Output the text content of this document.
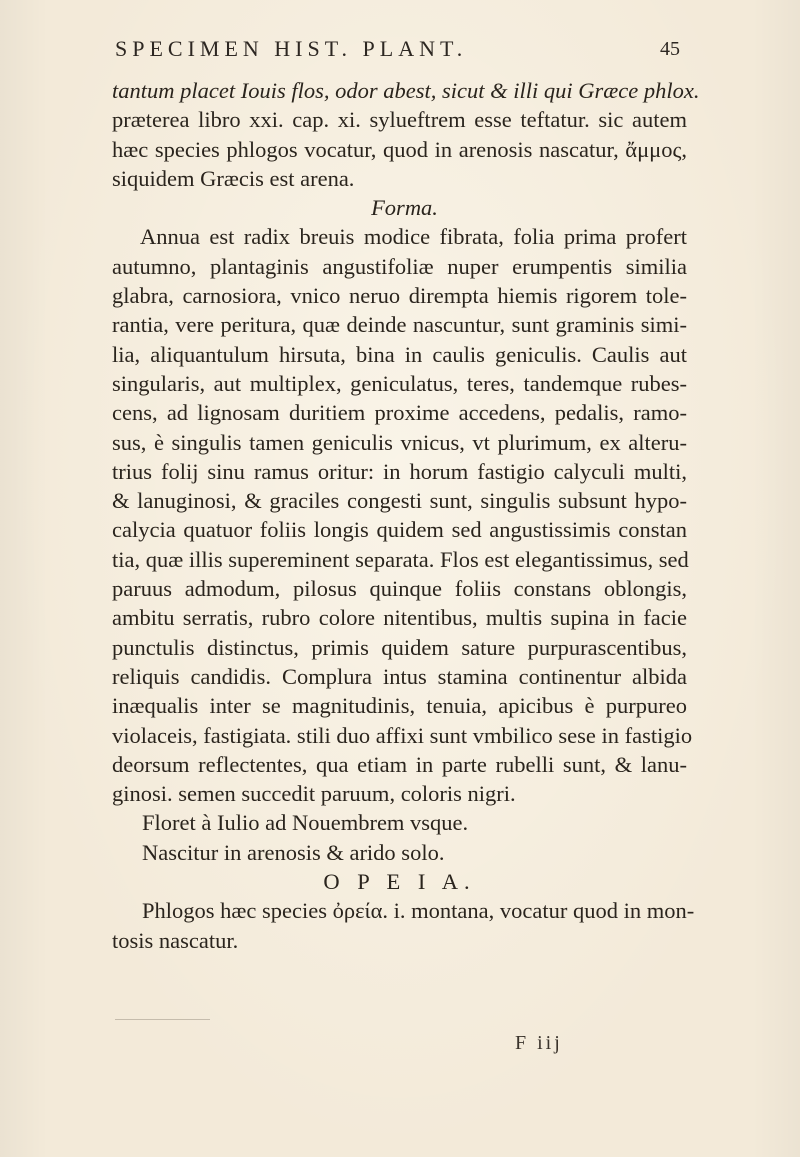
SPECIMEN HIST. PLANT.	45
tantum placet Iouis flos, odor abest, sicut & illi qui Græce phlox.
præterea libro xxi. cap. xi. sylueftrem esse teftatur. sic autem
hæc species phlogos vocatur, quod in arenosis nascatur, ἄμμος,
siquidem Græcis est arena.
Forma.
Annua est radix breuis modice fibrata, folia prima profert
autumno, plantaginis angustifoliæ nuper erumpentis similia
glabra, carnosiora, vnico neruo dirempta hiemis rigorem tole-
rantia, vere peritura, quæ deinde nascuntur, sunt graminis simi-
lia, aliquantulum hirsuta, bina in caulis geniculis. Caulis aut
singularis, aut multiplex, geniculatus, teres, tandemque rubes-
cens, ad lignosam duritiem proxime accedens, pedalis, ramo-
sus, è singulis tamen geniculis vnicus, vt plurimum, ex alteru-
trius folij sinu ramus oritur: in horum fastigio calyculi multi,
& lanuginosi, & graciles congesti sunt, singulis subsunt hypo-
calycia quatuor foliis longis quidem sed angustissimis constan
tia, quæ illis supereminent separata. Flos est elegantissimus, sed
paruus admodum, pilosus quinque foliis constans oblongis,
ambitu serratis, rubro colore nitentibus, multis supina in facie
punctulis distinctus, primis quidem saturе purpurascentibus,
reliquis candidis. Complura intus stamina continentur albida
inæqualis inter se magnitudinis, tenuia, apicibus è purpureo
violaceis, fastigiata. stili duo affixi sunt vmbilico sese in fastigio
deorsum reflectentes, qua etiam in parte rubelli sunt, & lanu-
ginosi. semen succedit paruum, coloris nigri.
Floret à Iulio ad Nouembrem vsque.
Nascitur in arenosis & arido solo.
O P E I A.
Phlogos hæc species ὀρεία. i. montana, vocatur quod in mon-
tosis nascatur.
F iij
